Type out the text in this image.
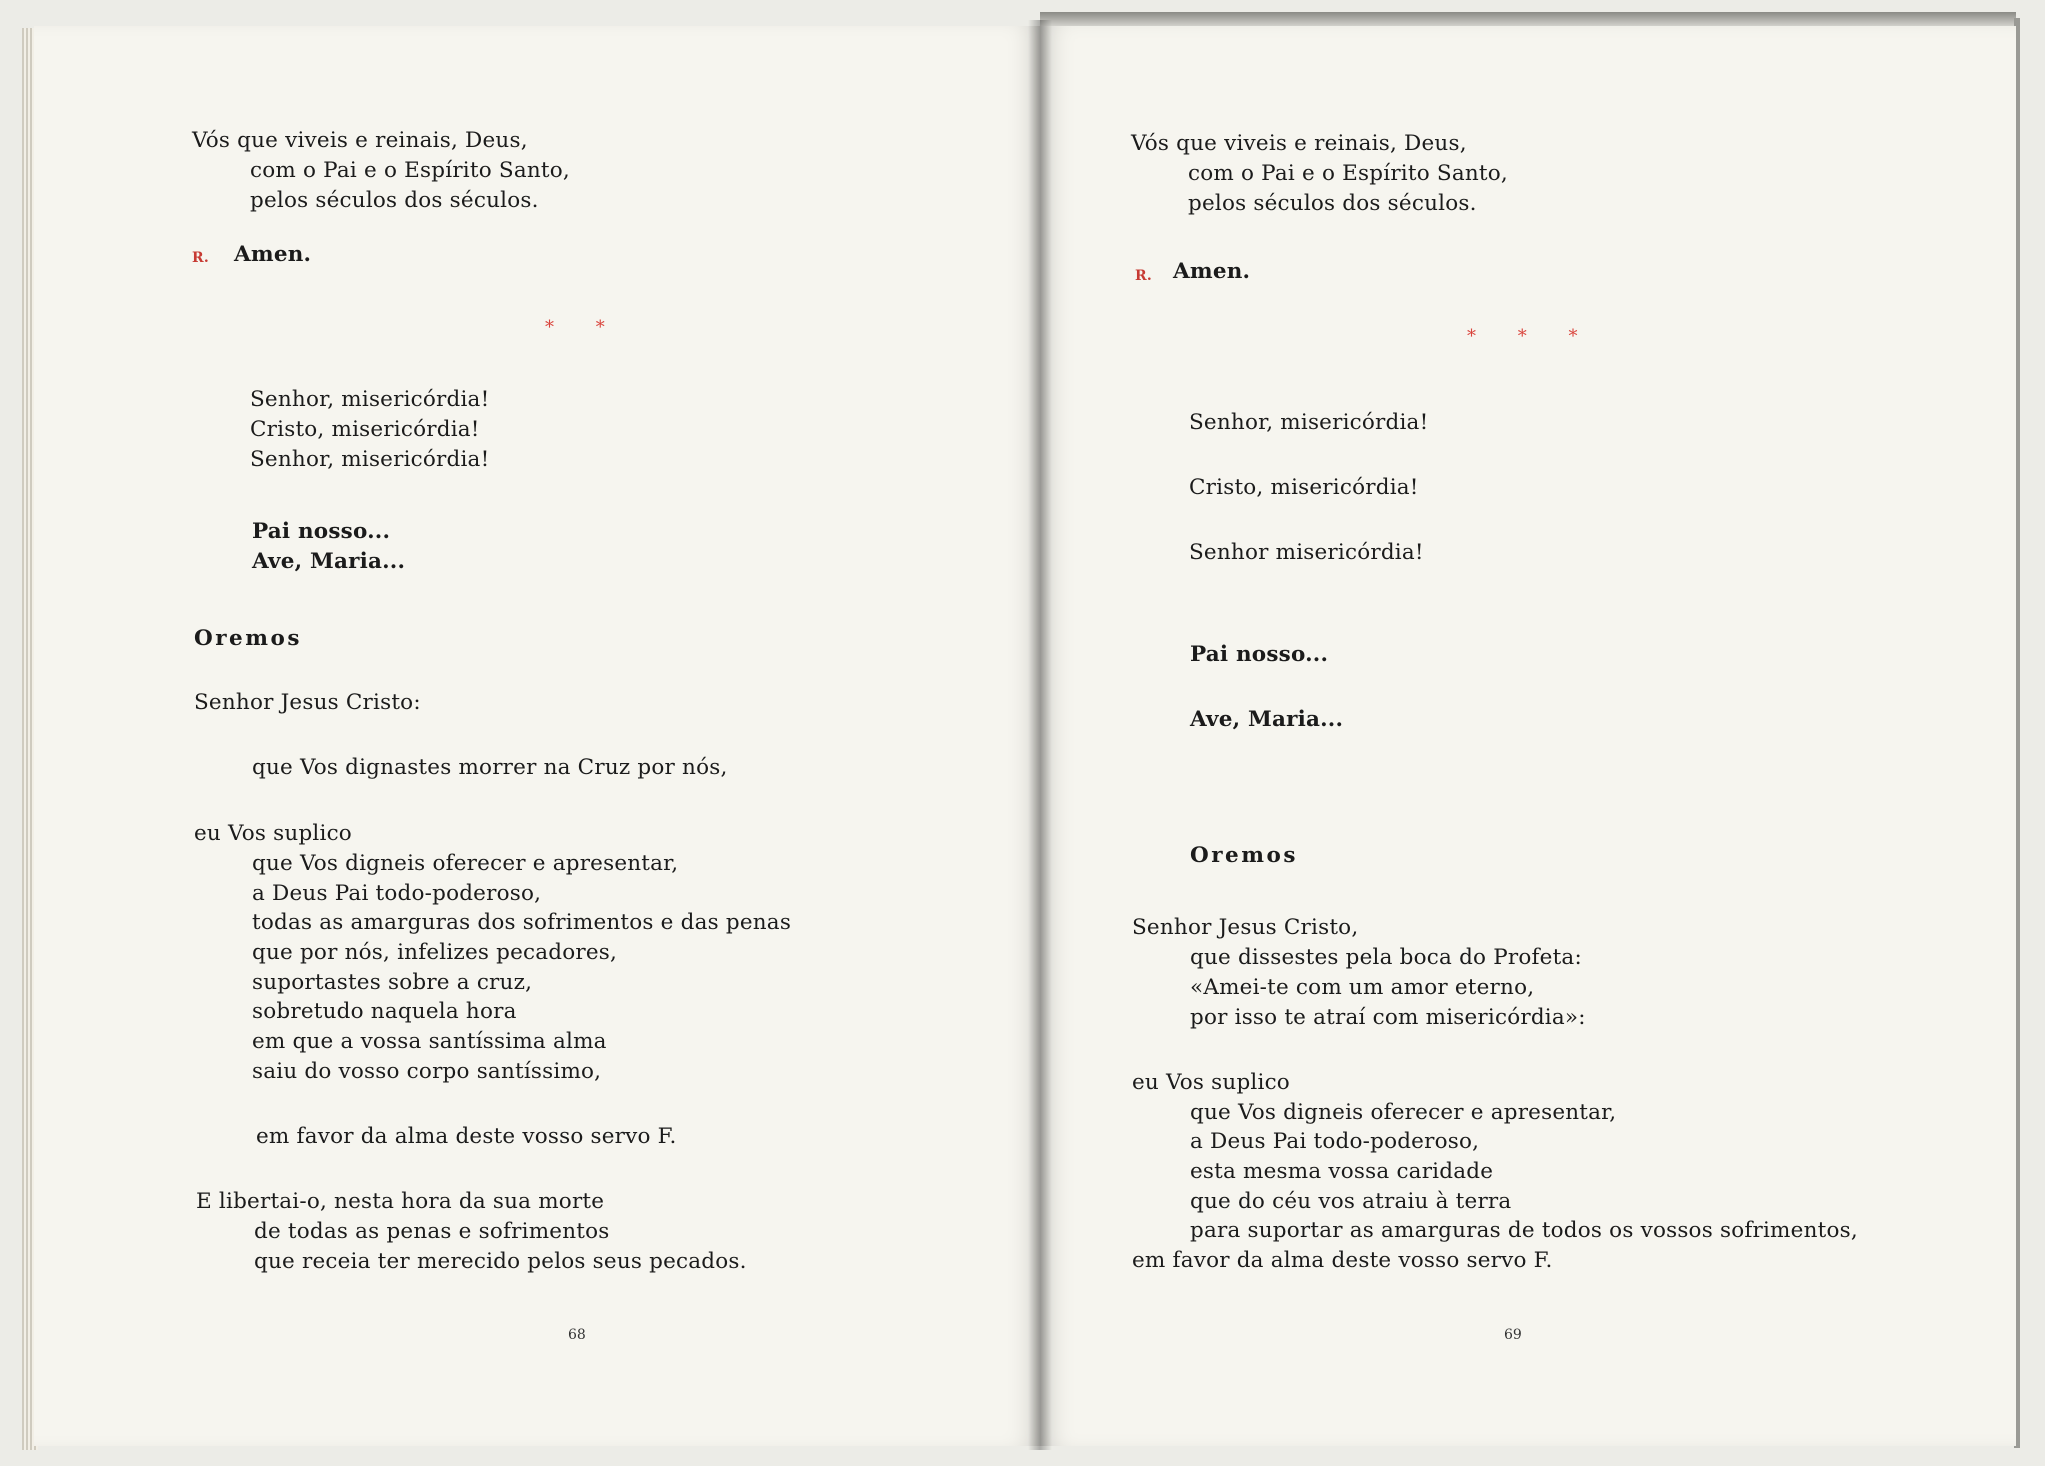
Vós que viveis e reinais, Deus,
com o Pai e o Espírito Santo,
pelos séculos dos séculos.
R. Amen.
* *
Senhor, misericórdia!
Cristo, misericórdia!
Senhor, misericórdia!
Pai nosso...
Ave, Maria...
Oremos
Senhor Jesus Cristo:
que Vos dignastes morrer na Cruz por nós,
eu Vos suplico
que Vos digneis oferecer e apresentar,
a Deus Pai todo-poderoso,
todas as amarguras dos sofrimentos e das penas
que por nós, infelizes pecadores,
suportastes sobre a cruz,
sobretudo naquela hora
em que a vossa santíssima alma
saiu do vosso corpo santíssimo,
em favor da alma deste vosso servo F.
E libertai-o, nesta hora da sua morte
de todas as penas e sofrimentos
que receia ter merecido pelos seus pecados.
68
Vós que viveis e reinais, Deus,
com o Pai e o Espírito Santo,
pelos séculos dos séculos.
R. Amen.
* * *
Senhor, misericórdia!
Cristo, misericórdia!
Senhor misericórdia!
Pai nosso...
Ave, Maria...
Oremos
Senhor Jesus Cristo,
que dissestes pela boca do Profeta:
«Amei-te com um amor eterno,
por isso te atraí com misericórdia»:
eu Vos suplico
que Vos digneis oferecer e apresentar,
a Deus Pai todo-poderoso,
esta mesma vossa caridade
que do céu vos atraiu à terra
para suportar as amarguras de todos os vossos sofrimentos,
em favor da alma deste vosso servo F.
69
